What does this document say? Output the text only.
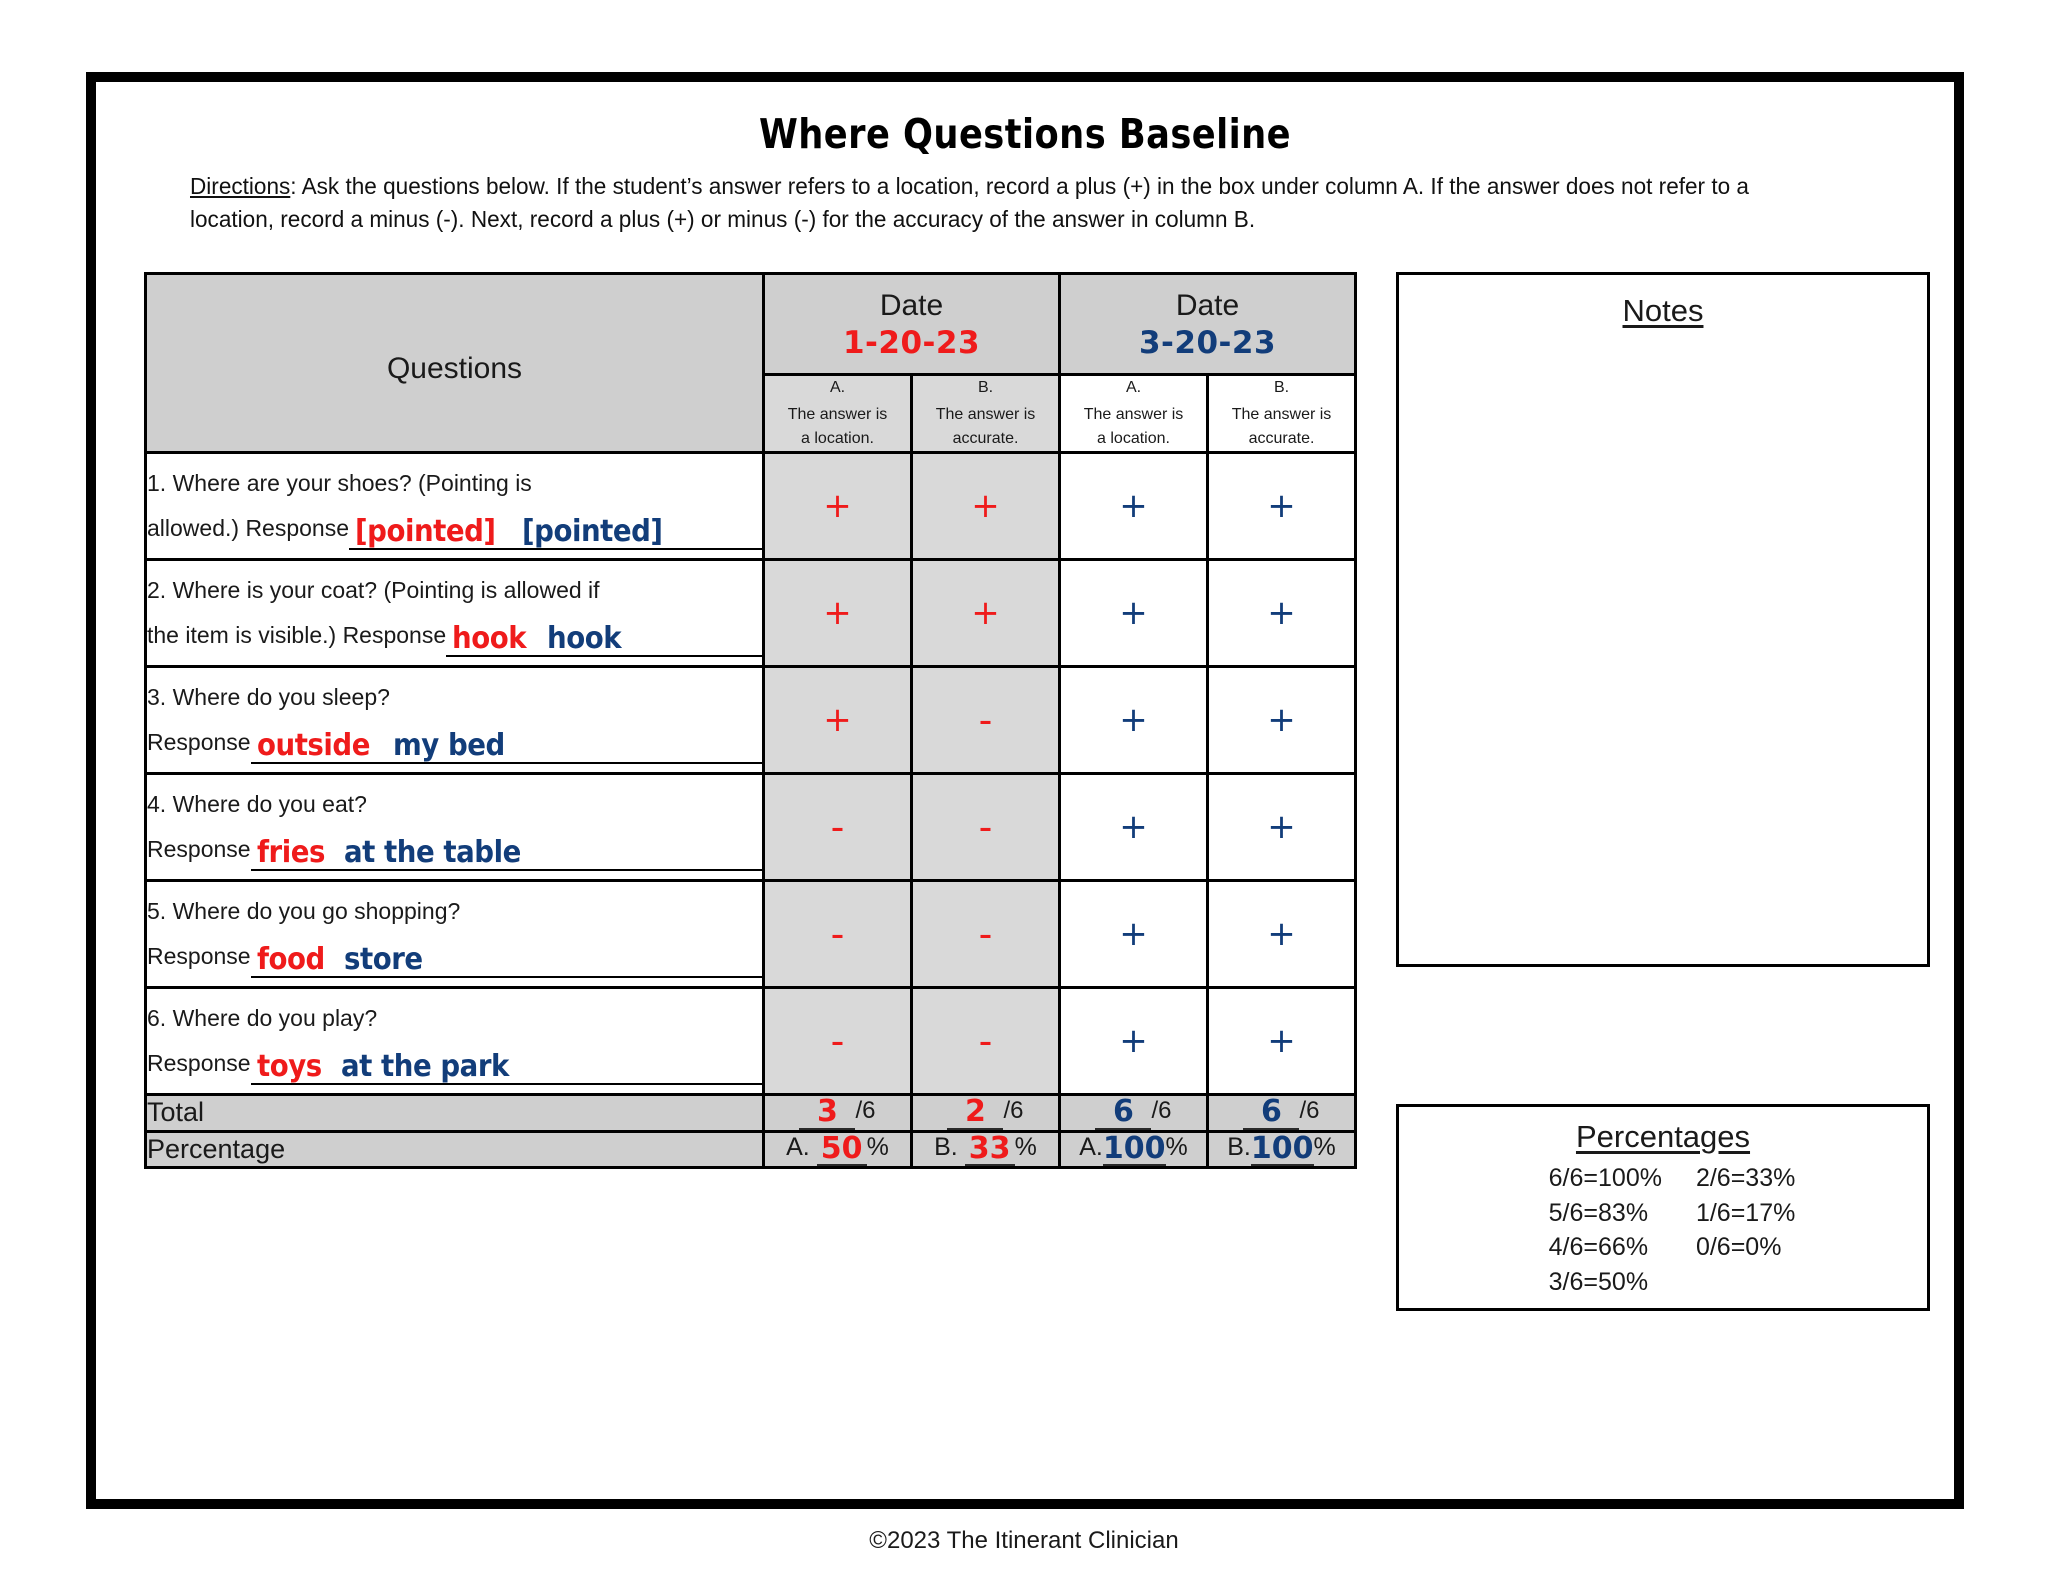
Where Questions Baseline
Directions: Ask the questions below. If the student’s answer refers to a location, record a plus (+) in the box under column A. If the answer does not refer to a location, record a minus (-). Next, record a plus (+) or minus (-) for the accuracy of the answer in column B.
Questions

Date
1-20-23

Date
3-20-23

	A.
The answer is
a location.	B.
The answer is
accurate.	A.
The answer is
a location.	B.
The answer is
accurate.

1. Where are your shoes? (Pointing is
allowed.)
Response [pointed] [pointed]	+	+	+	+

2. Where is your coat? (Pointing is allowed if
the item is visible.)
Response hook hook	+	+	+	+

3. Where do you sleep?
Response outside my bed	+	-	+	+

4. Where do you eat?
Response fries at the table	-	-	+	+

5. Where do you go shopping?
Response food store	-	-	+	+

6. Where do you play?
Response toys at the park	-	-	+	+
Total	3 /6	2 /6	6 /6	6 /6
Percentage	A. 50 %	B. 33 %	A.100%	B.100%
Notes
Percentages
6/6=100%
5/6=83%
4/6=66%
3/6=50%
2/6=33%
1/6=17%
0/6=0%
©2023 The Itinerant Clinician
